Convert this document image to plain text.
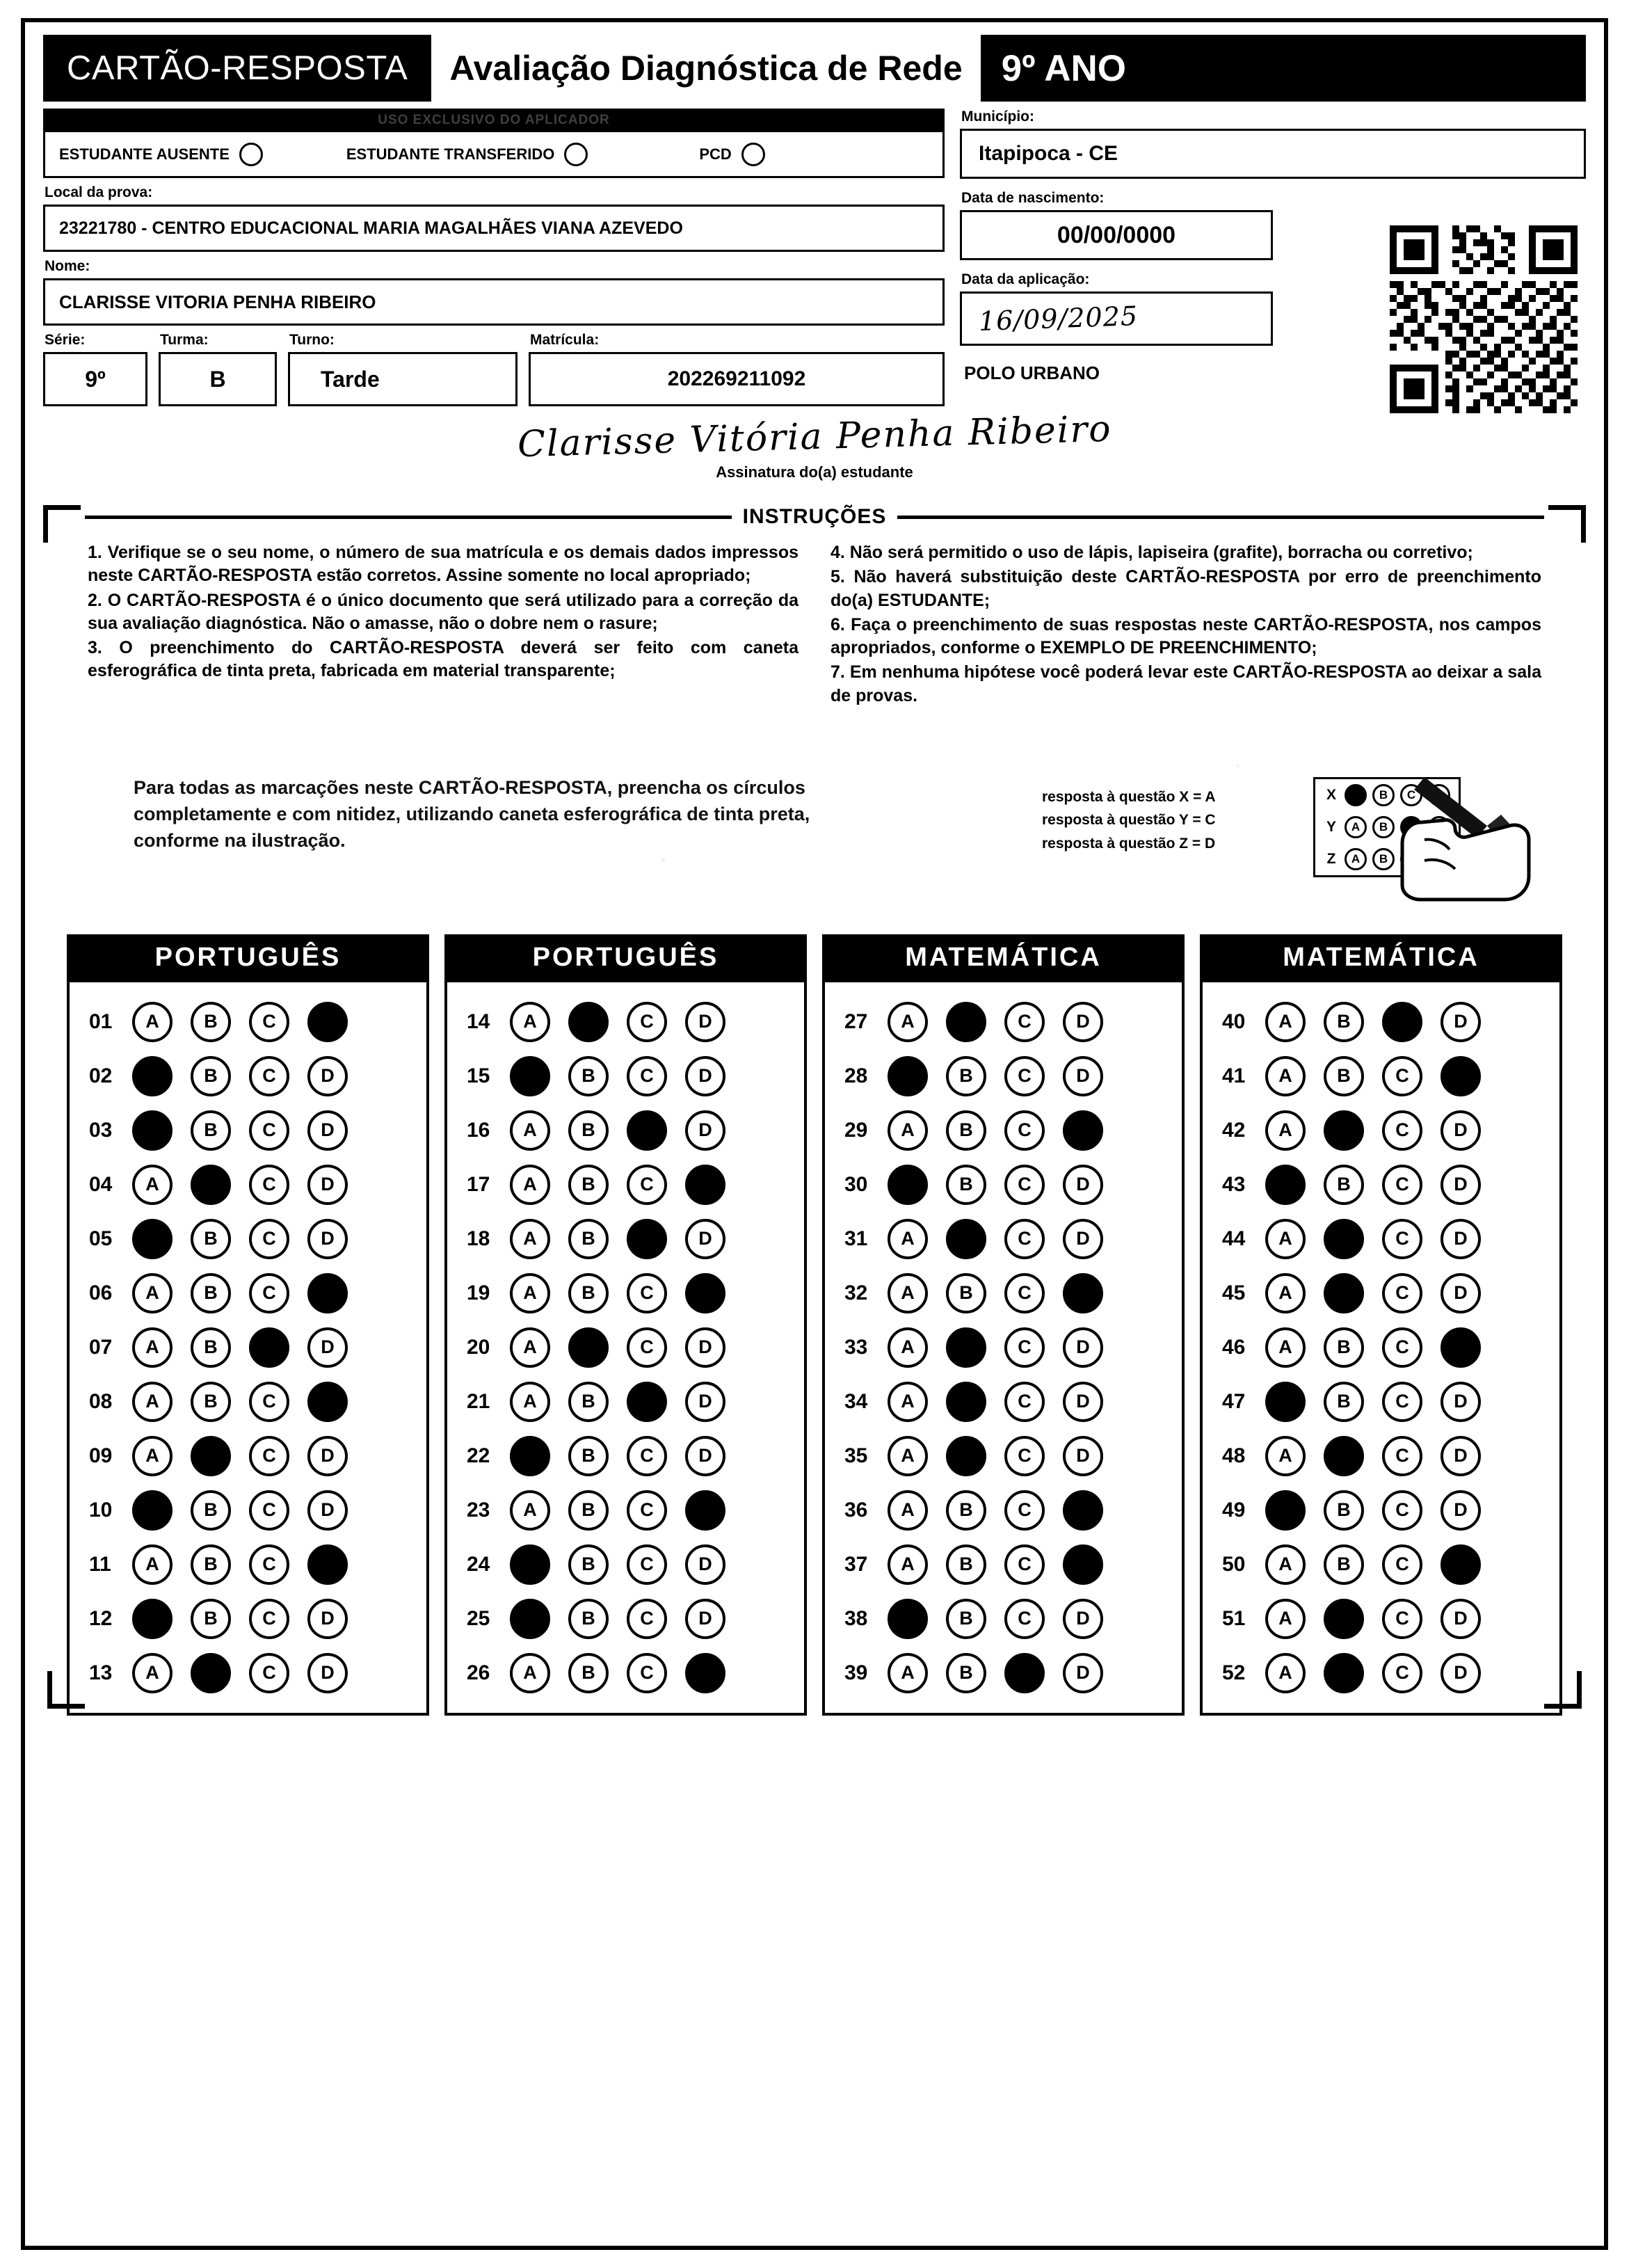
CARTÃO-RESPOSTA	Avaliação Diagnóstica de Rede	9º ANO
USO EXCLUSIVO DO APLICADOR
ESTUDANTE AUSENTE	ESTUDANTE TRANSFERIDO	PCD
Local da prova:
23221780 - CENTRO EDUCACIONAL MARIA MAGALHÃES VIANA AZEVEDO
Nome:
CLARISSE VITORIA PENHA RIBEIRO
Série:
9º
Turma:
B
Turno:
Tarde
Matrícula:
202269211092
Município:
Itapipoca - CE
Data de nascimento:
00/00/0000
Data da aplicação:
16/09/2025
POLO URBANO
Clarisse Vitória Penha Ribeiro
Assinatura do(a) estudante
INSTRUÇÕES

1. Verifique se o seu nome, o número de sua matrícula e os demais dados impressos neste CARTÃO-RESPOSTA estão corretos. Assine somente no local apropriado;

2. O CARTÃO-RESPOSTA é o único documento que será utilizado para a correção da sua avaliação diagnóstica. Não o amasse, não o dobre nem o rasure;

3. O preenchimento do CARTÃO-RESPOSTA deverá ser feito com caneta esferográfica de tinta preta, fabricada em material transparente;

4. Não será permitido o uso de lápis, lapiseira (grafite), borracha ou corretivo;

5. Não haverá substituição deste CARTÃO-RESPOSTA por erro de preenchimento do(a) ESTUDANTE;

6. Faça o preenchimento de suas respostas neste CARTÃO-RESPOSTA, nos campos apropriados, conforme o EXEMPLO DE PREENCHIMENTO;

7. Em nenhuma hipótese você poderá levar este CARTÃO-RESPOSTA ao deixar a sala de provas.

Para todas as marcações neste CARTÃO-RESPOSTA, preencha os círculos completamente e com nitidez, utilizando caneta esferográfica de tinta preta, conforme na ilustração.
resposta à questão X = A
resposta à questão Y = C
resposta à questão Z = D
X	A	B	C
Y	A	B
Z	A	B
PORTUGUÊS
01	A	B	C	D
02	A	B	C	D
03	A	B	C	D
04	A	B	C	D
05	A	B	C	D
06	A	B	C	D
07	A	B	C	D
08	A	B	C	D
09	A	B	C	D
10	A	B	C	D
11	A	B	C	D
12	A	B	C	D
13	A	B	C	D
PORTUGUÊS
14	A	B	C	D
15	A	B	C	D
16	A	B	C	D
17	A	B	C	D
18	A	B	C	D
19	A	B	C	D
20	A	B	C	D
21	A	B	C	D
22	A	B	C	D
23	A	B	C	D
24	A	B	C	D
25	A	B	C	D
26	A	B	C	D
MATEMÁTICA
27	A	B	C	D
28	A	B	C	D
29	A	B	C	D
30	A	B	C	D
31	A	B	C	D
32	A	B	C	D
33	A	B	C	D
34	A	B	C	D
35	A	B	C	D
36	A	B	C	D
37	A	B	C	D
38	A	B	C	D
39	A	B	C	D
MATEMÁTICA
40	A	B	C	D
41	A	B	C	D
42	A	B	C	D
43	A	B	C	D
44	A	B	C	D
45	A	B	C	D
46	A	B	C	D
47	A	B	C	D
48	A	B	C	D
49	A	B	C	D
50	A	B	C	D
51	A	B	C	D
52	A	B	C	D
